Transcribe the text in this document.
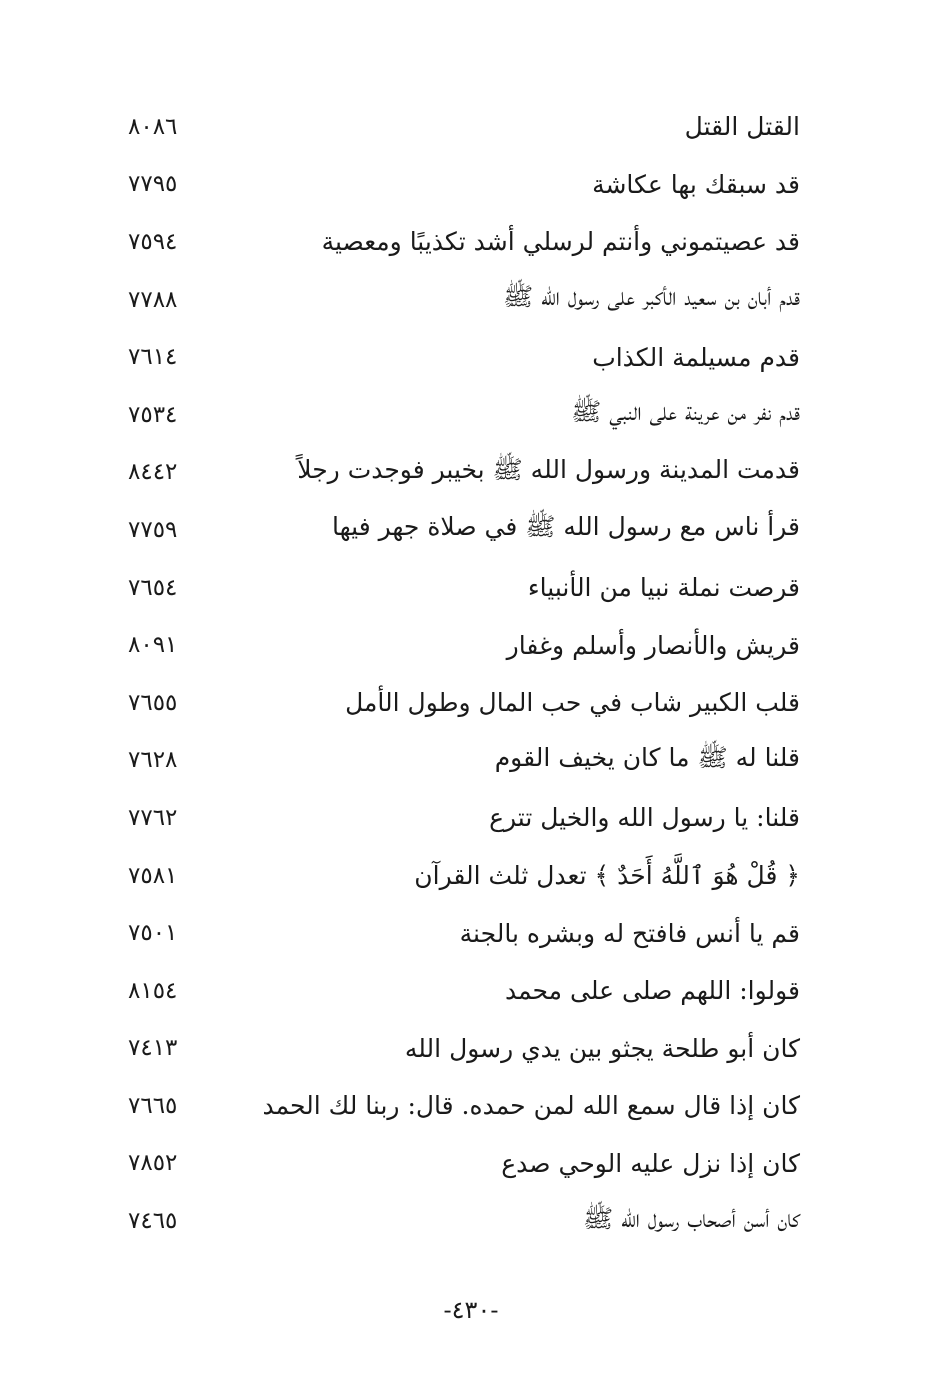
القتل القتل
٨٠٨٦
قد سبقك بها عكاشة
٧٧٩٥
قد عصيتموني وأنتم لرسلي أشد تكذيبًا ومعصية
٧٥٩٤
قدم أبان بن سعيد الأكبر على رسول الله ﷺ
٧٧٨٨
قدم مسيلمة الكذاب
٧٦١٤
قدم نفر من عرينة على النبي ﷺ
٧٥٣٤
قدمت المدينة ورسول الله ﷺ بخيبر فوجدت رجلاً
٨٤٤٢
قرأ ناس مع رسول الله ﷺ في صلاة جهر فيها
٧٧٥٩
قرصت نملة نبيا من الأنبياء
٧٦٥٤
قريش والأنصار وأسلم وغفار
٨٠٩١
قلب الكبير شاب في حب المال وطول الأمل
٧٦٥٥
قلنا له ﷺ ما كان يخيف القوم
٧٦٢٨
قلنا: يا رسول الله والخيل تترع
٧٧٦٢
﴿ قُلْ هُوَ ٱللَّهُ أَحَدٌ ﴾ تعدل ثلث القرآن
٧٥٨١
قم يا أنس فافتح له وبشره بالجنة
٧٥٠١
قولوا: اللهم صلى على محمد
٨١٥٤
كان أبو طلحة يجثو بين يدي رسول الله
٧٤١٣
كان إذا قال سمع الله لمن حمده. قال: ربنا لك الحمد
٧٦٦٥
كان إذا نزل عليه الوحي صدع
٧٨٥٢
كان أسن أصحاب رسول الله ﷺ
٧٤٦٥
-٤٣٠-
